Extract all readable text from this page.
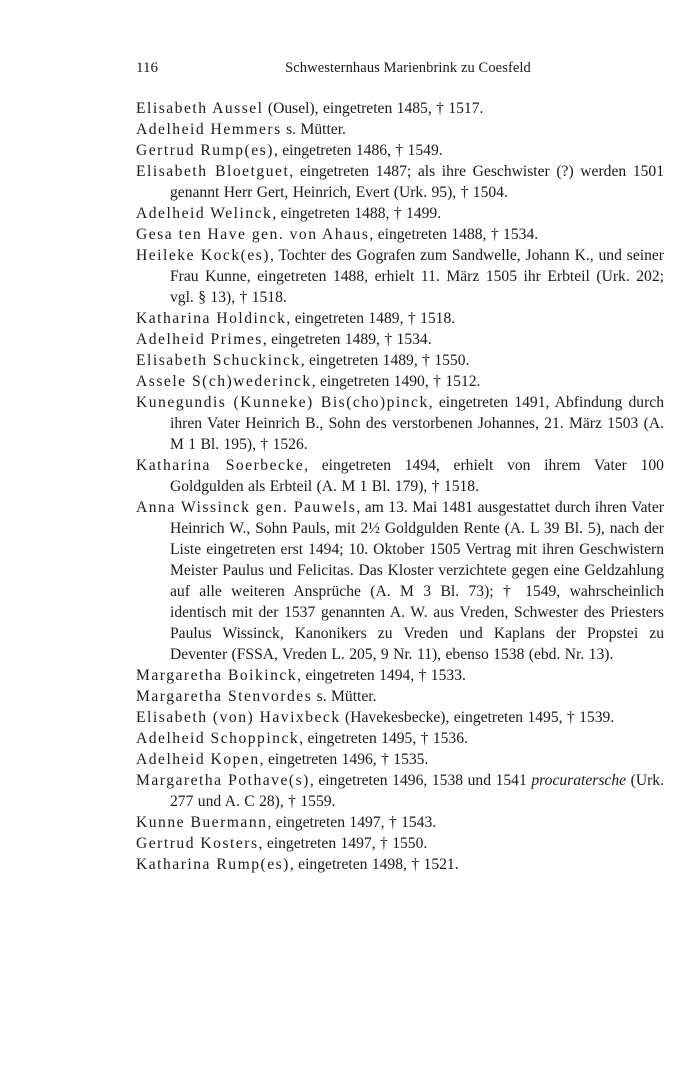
116	Schwesternhaus Marienbrink zu Coesfeld
Elisabeth Aussel (Ousel), eingetreten 1485, † 1517.
Adelheid Hemmers s. Mütter.
Gertrud Rump(es), eingetreten 1486, † 1549.
Elisabeth Bloetguet, eingetreten 1487; als ihre Geschwister (?) werden 1501 genannt Herr Gert, Heinrich, Evert (Urk. 95), † 1504.
Adelheid Welinck, eingetreten 1488, † 1499.
Gesa ten Have gen. von Ahaus, eingetreten 1488, † 1534.
Heileke Kock(es), Tochter des Gografen zum Sandwelle, Johann K., und seiner Frau Kunne, eingetreten 1488, erhielt 11. März 1505 ihr Erbteil (Urk. 202; vgl. § 13), † 1518.
Katharina Holdinck, eingetreten 1489, † 1518.
Adelheid Primes, eingetreten 1489, † 1534.
Elisabeth Schuckinck, eingetreten 1489, † 1550.
Assele S(ch)wederinck, eingetreten 1490, † 1512.
Kunegundis (Kunneke) Bis(cho)pinck, eingetreten 1491, Abfindung durch ihren Vater Heinrich B., Sohn des verstorbenen Johannes, 21. März 1503 (A. M 1 Bl. 195), † 1526.
Katharina Soerbecke, eingetreten 1494, erhielt von ihrem Vater 100 Goldgulden als Erbteil (A. M 1 Bl. 179), † 1518.
Anna Wissinck gen. Pauwels, am 13. Mai 1481 ausgestattet durch ihren Vater Heinrich W., Sohn Pauls, mit 2½ Goldgulden Rente (A. L 39 Bl. 5), nach der Liste eingetreten erst 1494; 10. Oktober 1505 Vertrag mit ihren Geschwistern Meister Paulus und Felicitas. Das Kloster verzichtete gegen eine Geldzahlung auf alle weiteren Ansprüche (A. M 3 Bl. 73); † 1549, wahrscheinlich identisch mit der 1537 genannten A. W. aus Vreden, Schwester des Priesters Paulus Wissinck, Kanonikers zu Vreden und Kaplans der Propstei zu Deventer (FSSA, Vreden L. 205, 9 Nr. 11), ebenso 1538 (ebd. Nr. 13).
Margaretha Boikinck, eingetreten 1494, † 1533.
Margaretha Stenvordes s. Mütter.
Elisabeth (von) Havixbeck (Havekesbecke), eingetreten 1495, † 1539.
Adelheid Schoppinck, eingetreten 1495, † 1536.
Adelheid Kopen, eingetreten 1496, † 1535.
Margaretha Pothave(s), eingetreten 1496, 1538 und 1541 procuratersche (Urk. 277 und A. C 28), † 1559.
Kunne Buermann, eingetreten 1497, † 1543.
Gertrud Kosters, eingetreten 1497, † 1550.
Katharina Rump(es), eingetreten 1498, † 1521.
